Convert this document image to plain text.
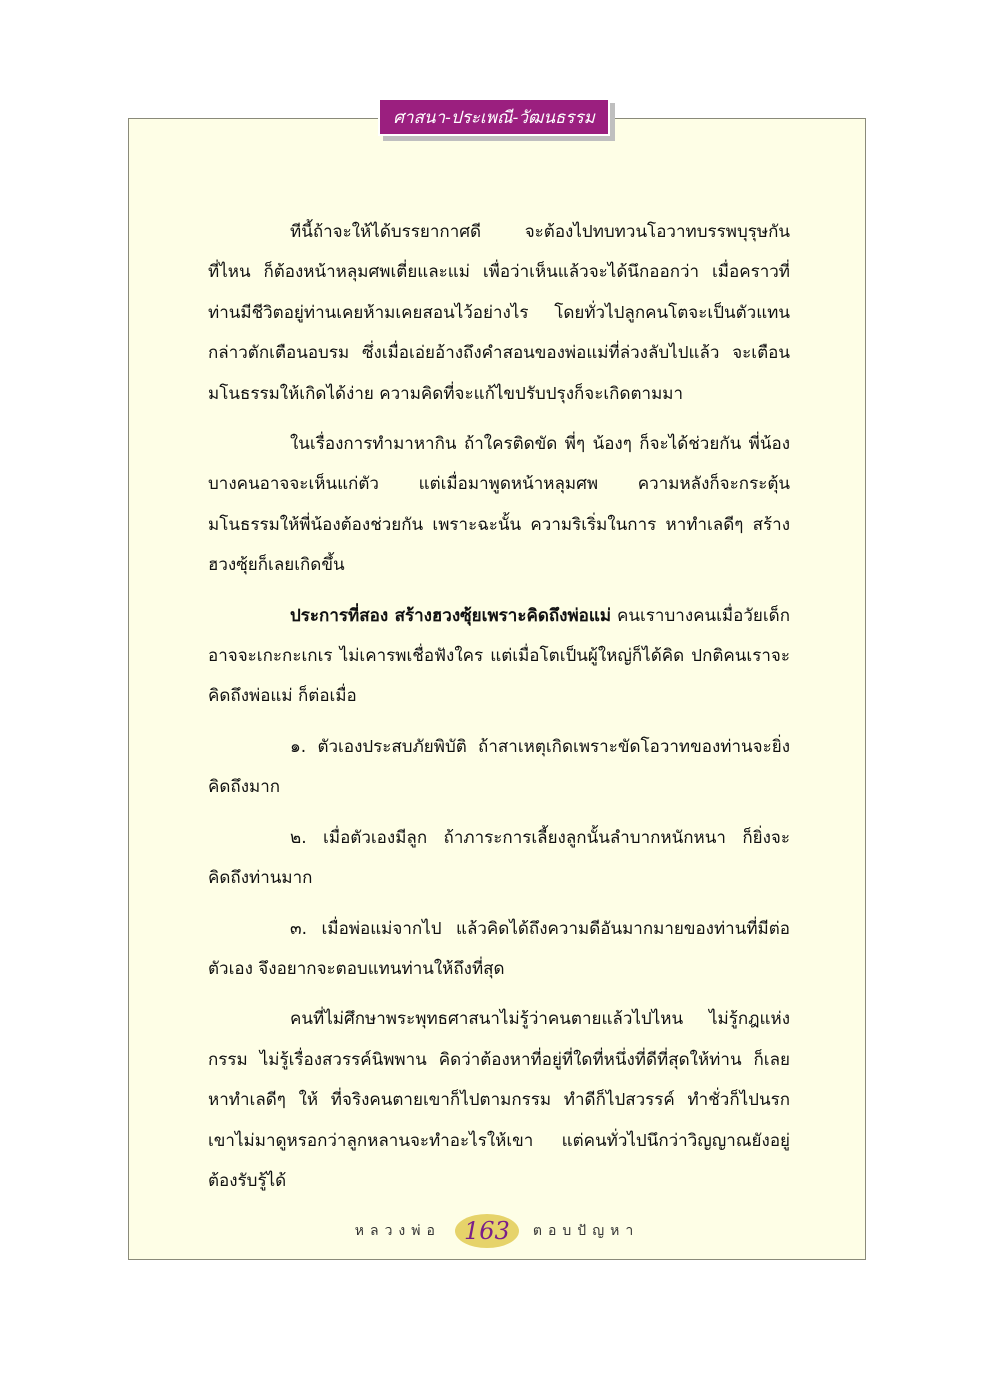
ศาสนา-ประเพณี-วัฒนธรรม

ทีนี้ถ้าจะให้ได้บรรยากาศดี จะต้องไปทบทวนโอวาทบรรพบุรุษกันที่ไหน ก็ต้องหน้าหลุมศพเตี่ยและแม่ เพื่อว่าเห็นแล้วจะได้นึกออกว่า เมื่อคราวที่ท่านมีชีวิตอยู่ท่านเคยห้ามเคยสอนไว้อย่างไร โดยทั่วไปลูกคนโตจะเป็นตัวแทนกล่าวตักเตือนอบรม ซึ่งเมื่อเอ่ยอ้างถึงคำสอนของพ่อแม่ที่ล่วงลับไปแล้ว จะเตือนมโนธรรมให้เกิดได้ง่าย ความคิดที่จะแก้ไขปรับปรุงก็จะเกิดตามมา

ในเรื่องการทำมาหากิน ถ้าใครติดขัด พี่ๆ น้องๆ ก็จะได้ช่วยกัน พี่น้องบางคนอาจจะเห็นแก่ตัว แต่เมื่อมาพูดหน้าหลุมศพ ความหลังก็จะกระตุ้นมโนธรรมให้พี่น้องต้องช่วยกัน เพราะฉะนั้น ความริเริ่มในการ หาทำเลดีๆ สร้างฮวงซุ้ยก็เลยเกิดขึ้น

ประการที่สอง สร้างฮวงซุ้ยเพราะคิดถึงพ่อแม่ คนเราบางคนเมื่อวัยเด็กอาจจะเกะกะเกเร ไม่เคารพเชื่อฟังใคร แต่เมื่อโตเป็นผู้ใหญ่ก็ได้คิด ปกติคนเราจะคิดถึงพ่อแม่ ก็ต่อเมื่อ

๑. ตัวเองประสบภัยพิบัติ ถ้าสาเหตุเกิดเพราะขัดโอวาทของท่านจะยิ่งคิดถึงมาก

๒. เมื่อตัวเองมีลูก ถ้าภาระการเลี้ยงลูกนั้นลำบากหนักหนา ก็ยิ่งจะคิดถึงท่านมาก

๓. เมื่อพ่อแม่จากไป แล้วคิดได้ถึงความดีอันมากมายของท่านที่มีต่อตัวเอง จึงอยากจะตอบแทนท่านให้ถึงที่สุด

คนที่ไม่ศึกษาพระพุทธศาสนาไม่รู้ว่าคนตายแล้วไปไหน ไม่รู้กฎแห่งกรรม ไม่รู้เรื่องสวรรค์นิพพาน คิดว่าต้องหาที่อยู่ที่ใดที่หนึ่งที่ดีที่สุดให้ท่าน ก็เลยหาทำเลดีๆ ให้ ที่จริงคนตายเขาก็ไปตามกรรม ทำดีก็ไปสวรรค์ ทำชั่วก็ไปนรก เขาไม่มาดูหรอกว่าลูกหลานจะทำอะไรให้เขา แต่คนทั่วไปนึกว่าวิญญาณยังอยู่ต้องรับรู้ได้

หลวงพ่อ 163 ตอบปัญหา
